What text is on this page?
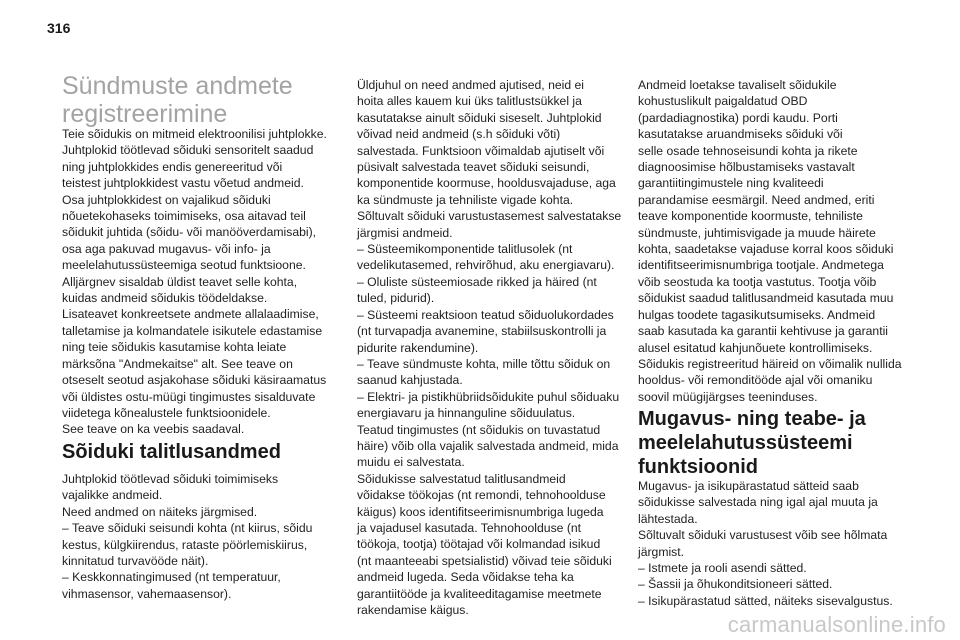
316
Sündmuste andmete
registreerimine
Teie sõidukis on mitmeid elektroonilisi juhtplokke.
Juhtplokid töötlevad sõiduki sensoritelt saadud
ning juhtplokkides endis genereeritud või
teistest juhtplokkidest vastu võetud andmeid.
Osa juhtplokkidest on vajalikud sõiduki
nõuetekohaseks toimimiseks, osa aitavad teil
sõidukit juhtida (sõidu- või manööverdamisabi),
osa aga pakuvad mugavus- või info- ja
meelelahutussüsteemiga seotud funktsioone.
Alljärgnev sisaldab üldist teavet selle kohta,
kuidas andmeid sõidukis töödeldakse.
Lisateavet konkreetsete andmete allalaadimise,
talletamise ja kolmandatele isikutele edastamise
ning teie sõidukis kasutamise kohta leiate
märksõna "Andmekaitse" alt. See teave on
otseselt seotud asjakohase sõiduki käsiraamatus
või üldistes ostu-müügi tingimustes sisalduvate
viidetega kõnealustele funktsioonidele.
See teave on ka veebis saadaval.
Sõiduki talitlusandmed
Juhtplokid töötlevad sõiduki toimimiseks
vajalikke andmeid.
Need andmed on näiteks järgmised.
– Teave sõiduki seisundi kohta (nt kiirus, sõidu
kestus, külgkiirendus, rataste pöörlemiskiirus,
kinnitatud turvavööde näit).
– Keskkonnatingimused (nt temperatuur,
vihmasensor, vahemaasensor).
Üldjuhul on need andmed ajutised, neid ei
hoita alles kauem kui üks talitlustsükkel ja
kasutatakse ainult sõiduki siseselt. Juhtplokid
võivad neid andmeid (s.h sõiduki võti)
salvestada. Funktsioon võimaldab ajutiselt või
püsivalt salvestada teavet sõiduki seisundi,
komponentide koormuse, hooldusvajaduse, aga
ka sündmuste ja tehniliste vigade kohta.
Sõltuvalt sõiduki varustustasemest salvestatakse
järgmisi andmeid.
– Süsteemikomponentide talitlusolek (nt
vedelikutasemed, rehvirõhud, aku energiavaru).
– Oluliste süsteemiosade rikked ja häired (nt
tuled, pidurid).
– Süsteemi reaktsioon teatud sõiduolukordades
(nt turvapadja avanemine, stabiilsuskontrolli ja
pidurite rakendumine).
– Teave sündmuste kohta, mille tõttu sõiduk on
saanud kahjustada.
– Elektri- ja pistikhübriidsõidukite puhul sõiduaku
energiavaru ja hinnanguline sõiduulatus.
Teatud tingimustes (nt sõidukis on tuvastatud
häire) võib olla vajalik salvestada andmeid, mida
muidu ei salvestata.
Sõidukisse salvestatud talitlusandmeid
võidakse töökojas (nt remondi, tehnohoolduse
käigus) koos identifitseerimisnumbriga lugeda
ja vajadusel kasutada. Tehnohoolduse (nt
töökoja, tootja) töötajad või kolmandad isikud
(nt maanteeabi spetsialistid) võivad teie sõiduki
andmeid lugeda. Seda võidakse teha ka
garantiitööde ja kvaliteeditagamise meetmete
rakendamise käigus.
Andmeid loetakse tavaliselt sõidukile
kohustuslikult paigaldatud OBD
(pardadiagnostika) pordi kaudu. Porti
kasutatakse aruandmiseks sõiduki või
selle osade tehnoseisundi kohta ja rikete
diagnoosimise hõlbustamiseks vastavalt
garantiitingimustele ning kvaliteedi
parandamise eesmärgil. Need andmed, eriti
teave komponentide koormuste, tehniliste
sündmuste, juhtimisvigade ja muude häirete
kohta, saadetakse vajaduse korral koos sõiduki
identifitseerimisnumbriga tootjale. Andmetega
võib seostuda ka tootja vastutus. Tootja võib
sõidukist saadud talitlusandmeid kasutada muu
hulgas toodete tagasikutsumiseks. Andmeid
saab kasutada ka garantii kehtivuse ja garantii
alusel esitatud kahjunõuete kontrollimiseks.
Sõidukis registreeritud häireid on võimalik nullida
hooldus- või remonditööde ajal või omaniku
soovil müügijärgses teeninduses.
Mugavus- ning teabe- ja
meelelahutussüsteemi
funktsioonid
Mugavus- ja isikupärastatud sätteid saab
sõidukisse salvestada ning igal ajal muuta ja
lähtestada.
Sõltuvalt sõiduki varustusest võib see hõlmata
järgmist.
– Istmete ja rooli asendi sätted.
– Šassii ja õhukonditsioneeri sätted.
– Isikupärastatud sätted, näiteks sisevalgustus.
carmanualsonline.info
